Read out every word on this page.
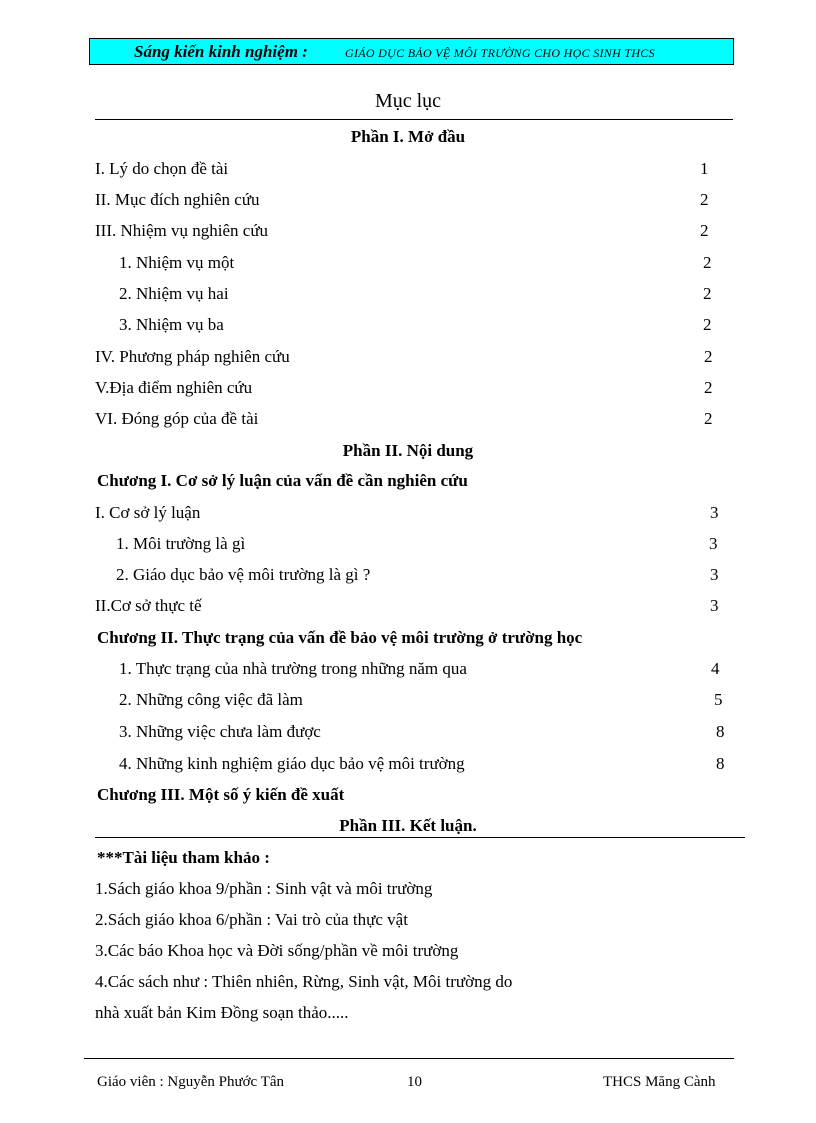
Sáng kiến kinh nghiệm :	GIÁO DỤC BẢO VỆ MÔI TRƯỜNG CHO HỌC SINH THCS
Mục lục
Phần I. Mở đầu
I. Lý do chọn đề tài	1
II. Mục đích nghiên cứu	2
III. Nhiệm vụ nghiên cứu	2
1. Nhiệm vụ một	2
2. Nhiệm vụ hai	2
3. Nhiệm vụ ba	2
IV. Phương pháp nghiên cứu	2
V.Địa điểm nghiên cứu	2
VI. Đóng góp của đề tài	2
Phần II. Nội dung
Chương I. Cơ sở lý luận của vấn đề cần nghiên cứu
I. Cơ sở lý luận	3
1. Môi trường là gì	3
2. Giáo dục bảo vệ môi trường là gì ?	3
II.Cơ sở thực tế	3
Chương II. Thực trạng của vấn đề bảo vệ môi trường ở trường học
1. Thực trạng của nhà trường trong những năm qua	4
2. Những công việc đã làm	5
3. Những việc chưa làm được	8
4. Những kinh nghiệm giáo dục bảo vệ môi trường	8
Chương III. Một số ý kiến đề xuất
Phần III. Kết luận.
***Tài liệu tham khảo :
1.Sách giáo khoa 9/phần : Sinh vật và môi trường
2.Sách giáo khoa 6/phần : Vai trò của thực vật
3.Các báo Khoa học và Đời sống/phần về môi trường
4.Các sách như : Thiên nhiên, Rừng, Sinh vật, Môi trường do
nhà xuất bản Kim Đồng soạn thảo.....
Giáo viên : Nguyễn Phước Tân	10	THCS Măng Cành
